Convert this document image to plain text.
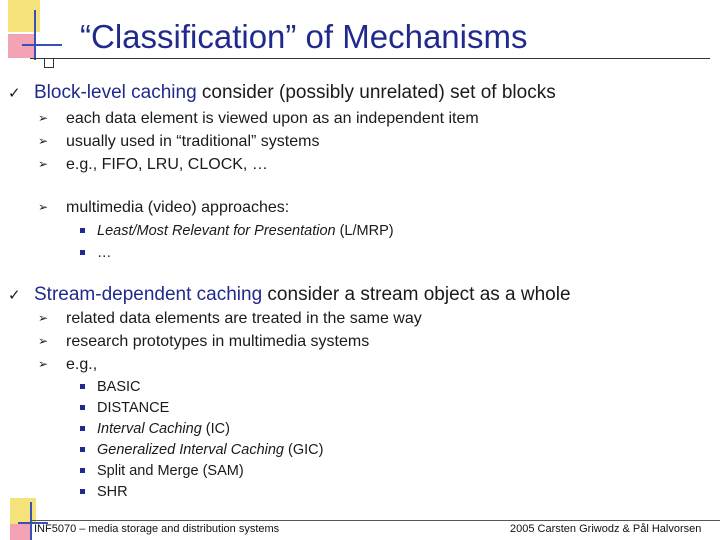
“Classification” of Mechanisms
✓ Block-level caching consider (possibly unrelated) set of blocks
➢ each data element is viewed upon as an independent item
➢ usually used in “traditional” systems
➢ e.g., FIFO, LRU, CLOCK, …
➢ multimedia (video) approaches:
Least/Most Relevant for Presentation (L/MRP)
…
✓ Stream-dependent caching consider a stream object as a whole
➢ related data elements are treated in the same way
➢ research prototypes in multimedia systems
➢ e.g.,
BASIC
DISTANCE
Interval Caching (IC)
Generalized Interval Caching (GIC)
Split and Merge (SAM)
SHR
INF5070 – media storage and distribution systems	2005 Carsten Griwodz & Pål Halvorsen
